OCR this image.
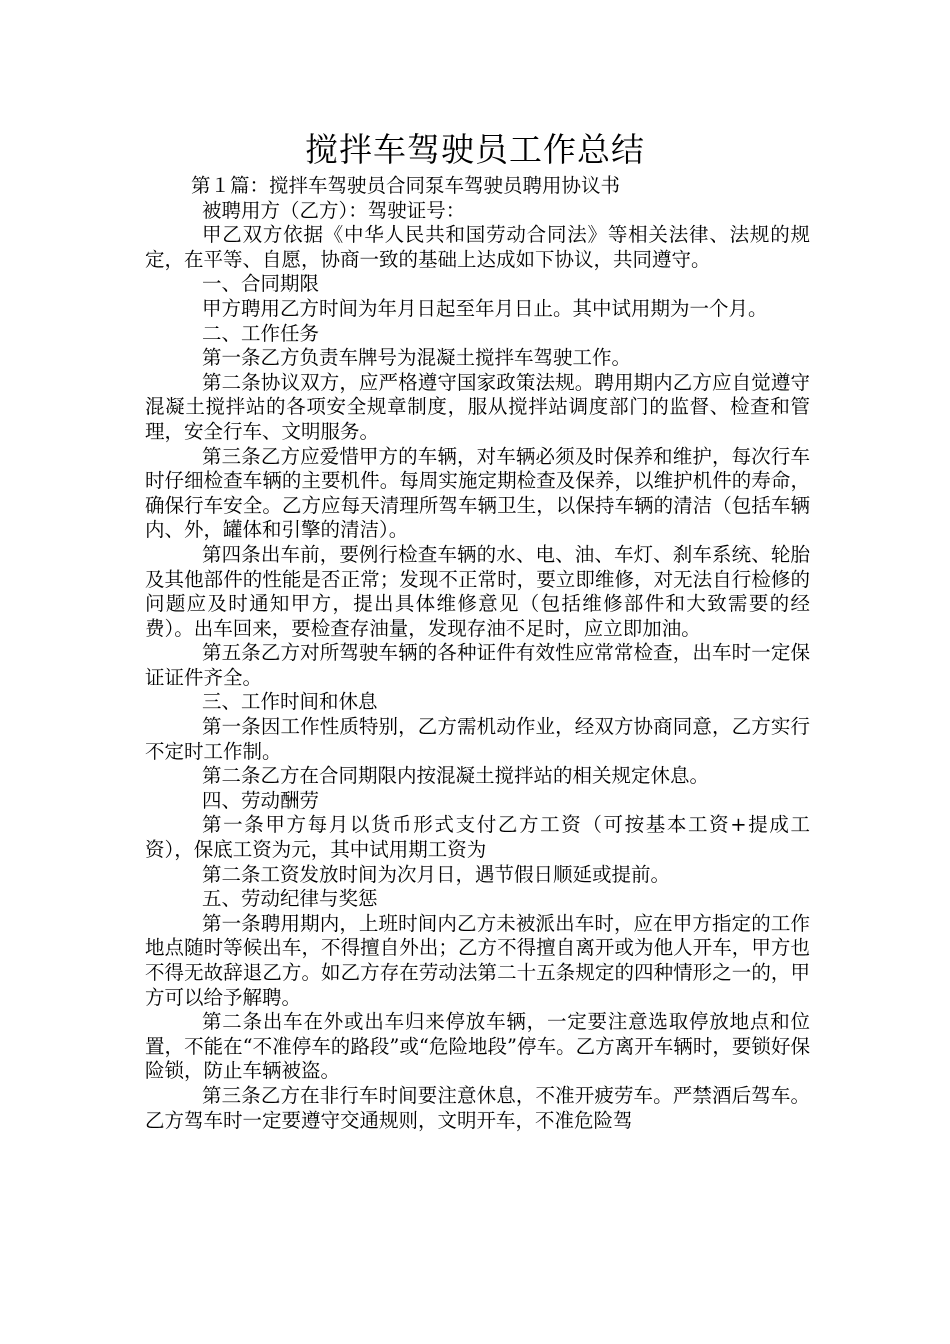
搅拌车驾驶员工作总结

第１篇：搅拌车驾驶员合同泵车驾驶员聘用协议书

被聘用方（乙方）：驾驶证号：

甲乙双方依据《中华人民共和国劳动合同法》等相关法律、法规的规定，在平等、自愿，协商一致的基础上达成如下协议，共同遵守。

一、合同期限

甲方聘用乙方时间为年月日起至年月日止。其中试用期为一个月。

二、工作任务

第一条乙方负责车牌号为混凝土搅拌车驾驶工作。

第二条协议双方，应严格遵守国家政策法规。聘用期内乙方应自觉遵守混凝土搅拌站的各项安全规章制度，服从搅拌站调度部门的监督、检查和管理，安全行车、文明服务。

第三条乙方应爱惜甲方的车辆，对车辆必须及时保养和维护，每次行车时仔细检查车辆的主要机件。每周实施定期检查及保养，以维护机件的寿命，确保行车安全。乙方应每天清理所驾车辆卫生，以保持车辆的清洁（包括车辆内、外，罐体和引擎的清洁）。

第四条出车前，要例行检查车辆的水、电、油、车灯、刹车系统、轮胎及其他部件的性能是否正常；发现不正常时，要立即维修，对无法自行检修的问题应及时通知甲方，提出具体维修意见（包括维修部件和大致需要的经费）。出车回来，要检查存油量，发现存油不足时，应立即加油。

第五条乙方对所驾驶车辆的各种证件有效性应常常检查，出车时一定保证证件齐全。

三、工作时间和休息

第一条因工作性质特别，乙方需机动作业，经双方协商同意，乙方实行不定时工作制。

第二条乙方在合同期限内按混凝土搅拌站的相关规定休息。

四、劳动酬劳

第一条甲方每月以货币形式支付乙方工资（可按基本工资+提成工资），保底工资为元，其中试用期工资为

第二条工资发放时间为次月日，遇节假日顺延或提前。

五、劳动纪律与奖惩

第一条聘用期内，上班时间内乙方未被派出车时，应在甲方指定的工作地点随时等候出车，不得擅自外出；乙方不得擅自离开或为他人开车，甲方也不得无故辞退乙方。如乙方存在劳动法第二十五条规定的四种情形之一的，甲方可以给予解聘。

第二条出车在外或出车归来停放车辆，一定要注意选取停放地点和位置，不能在“不准停车的路段”或“危险地段”停车。乙方离开车辆时，要锁好保险锁，防止车辆被盗。

第三条乙方在非行车时间要注意休息，不准开疲劳车。严禁酒后驾车。乙方驾车时一定要遵守交通规则，文明开车，不准危险驾
